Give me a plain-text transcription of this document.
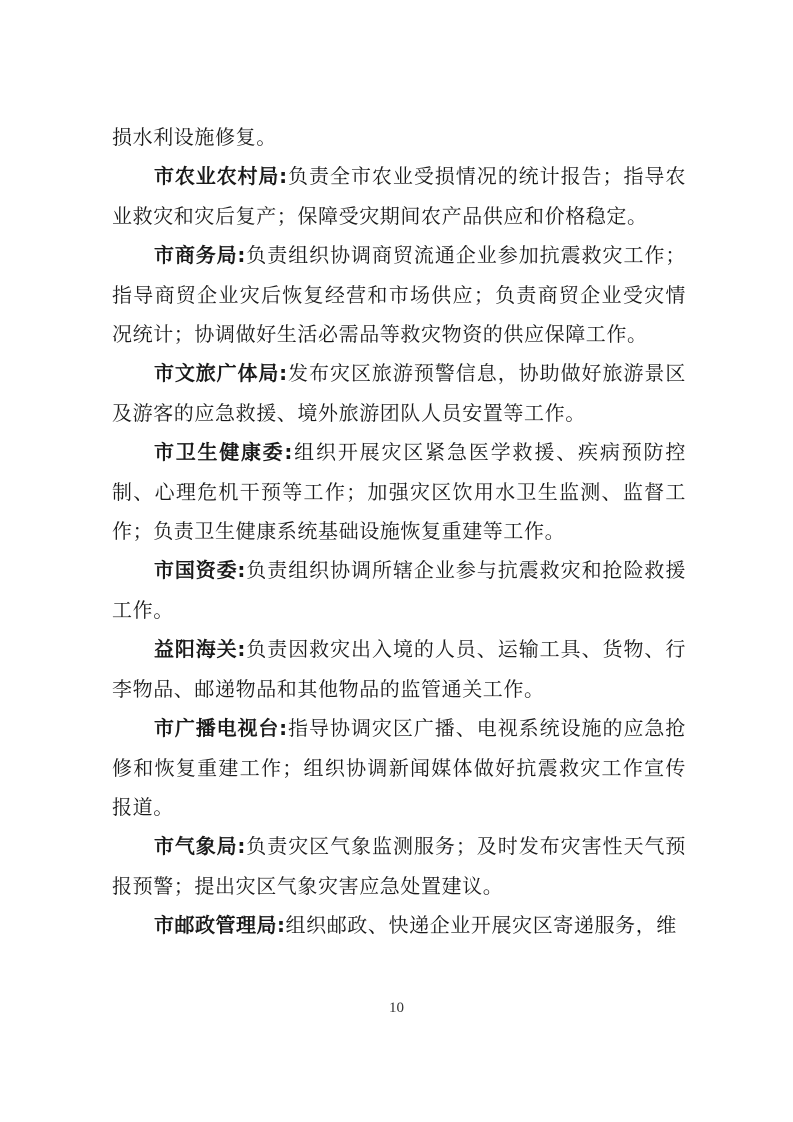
损水利设施修复。

市农业农村局:负责全市农业受损情况的统计报告；指导农业救灾和灾后复产；保障受灾期间农产品供应和价格稳定。

市商务局:负责组织协调商贸流通企业参加抗震救灾工作；指导商贸企业灾后恢复经营和市场供应；负责商贸企业受灾情况统计；协调做好生活必需品等救灾物资的供应保障工作。

市文旅广体局:发布灾区旅游预警信息，协助做好旅游景区及游客的应急救援、境外旅游团队人员安置等工作。

市卫生健康委:组织开展灾区紧急医学救援、疾病预防控制、心理危机干预等工作；加强灾区饮用水卫生监测、监督工作；负责卫生健康系统基础设施恢复重建等工作。

市国资委:负责组织协调所辖企业参与抗震救灾和抢险救援工作。

益阳海关:负责因救灾出入境的人员、运输工具、货物、行李物品、邮递物品和其他物品的监管通关工作。

市广播电视台:指导协调灾区广播、电视系统设施的应急抢修和恢复重建工作；组织协调新闻媒体做好抗震救灾工作宣传报道。

市气象局:负责灾区气象监测服务；及时发布灾害性天气预报预警；提出灾区气象灾害应急处置建议。

市邮政管理局:组织邮政、快递企业开展灾区寄递服务，维

10
